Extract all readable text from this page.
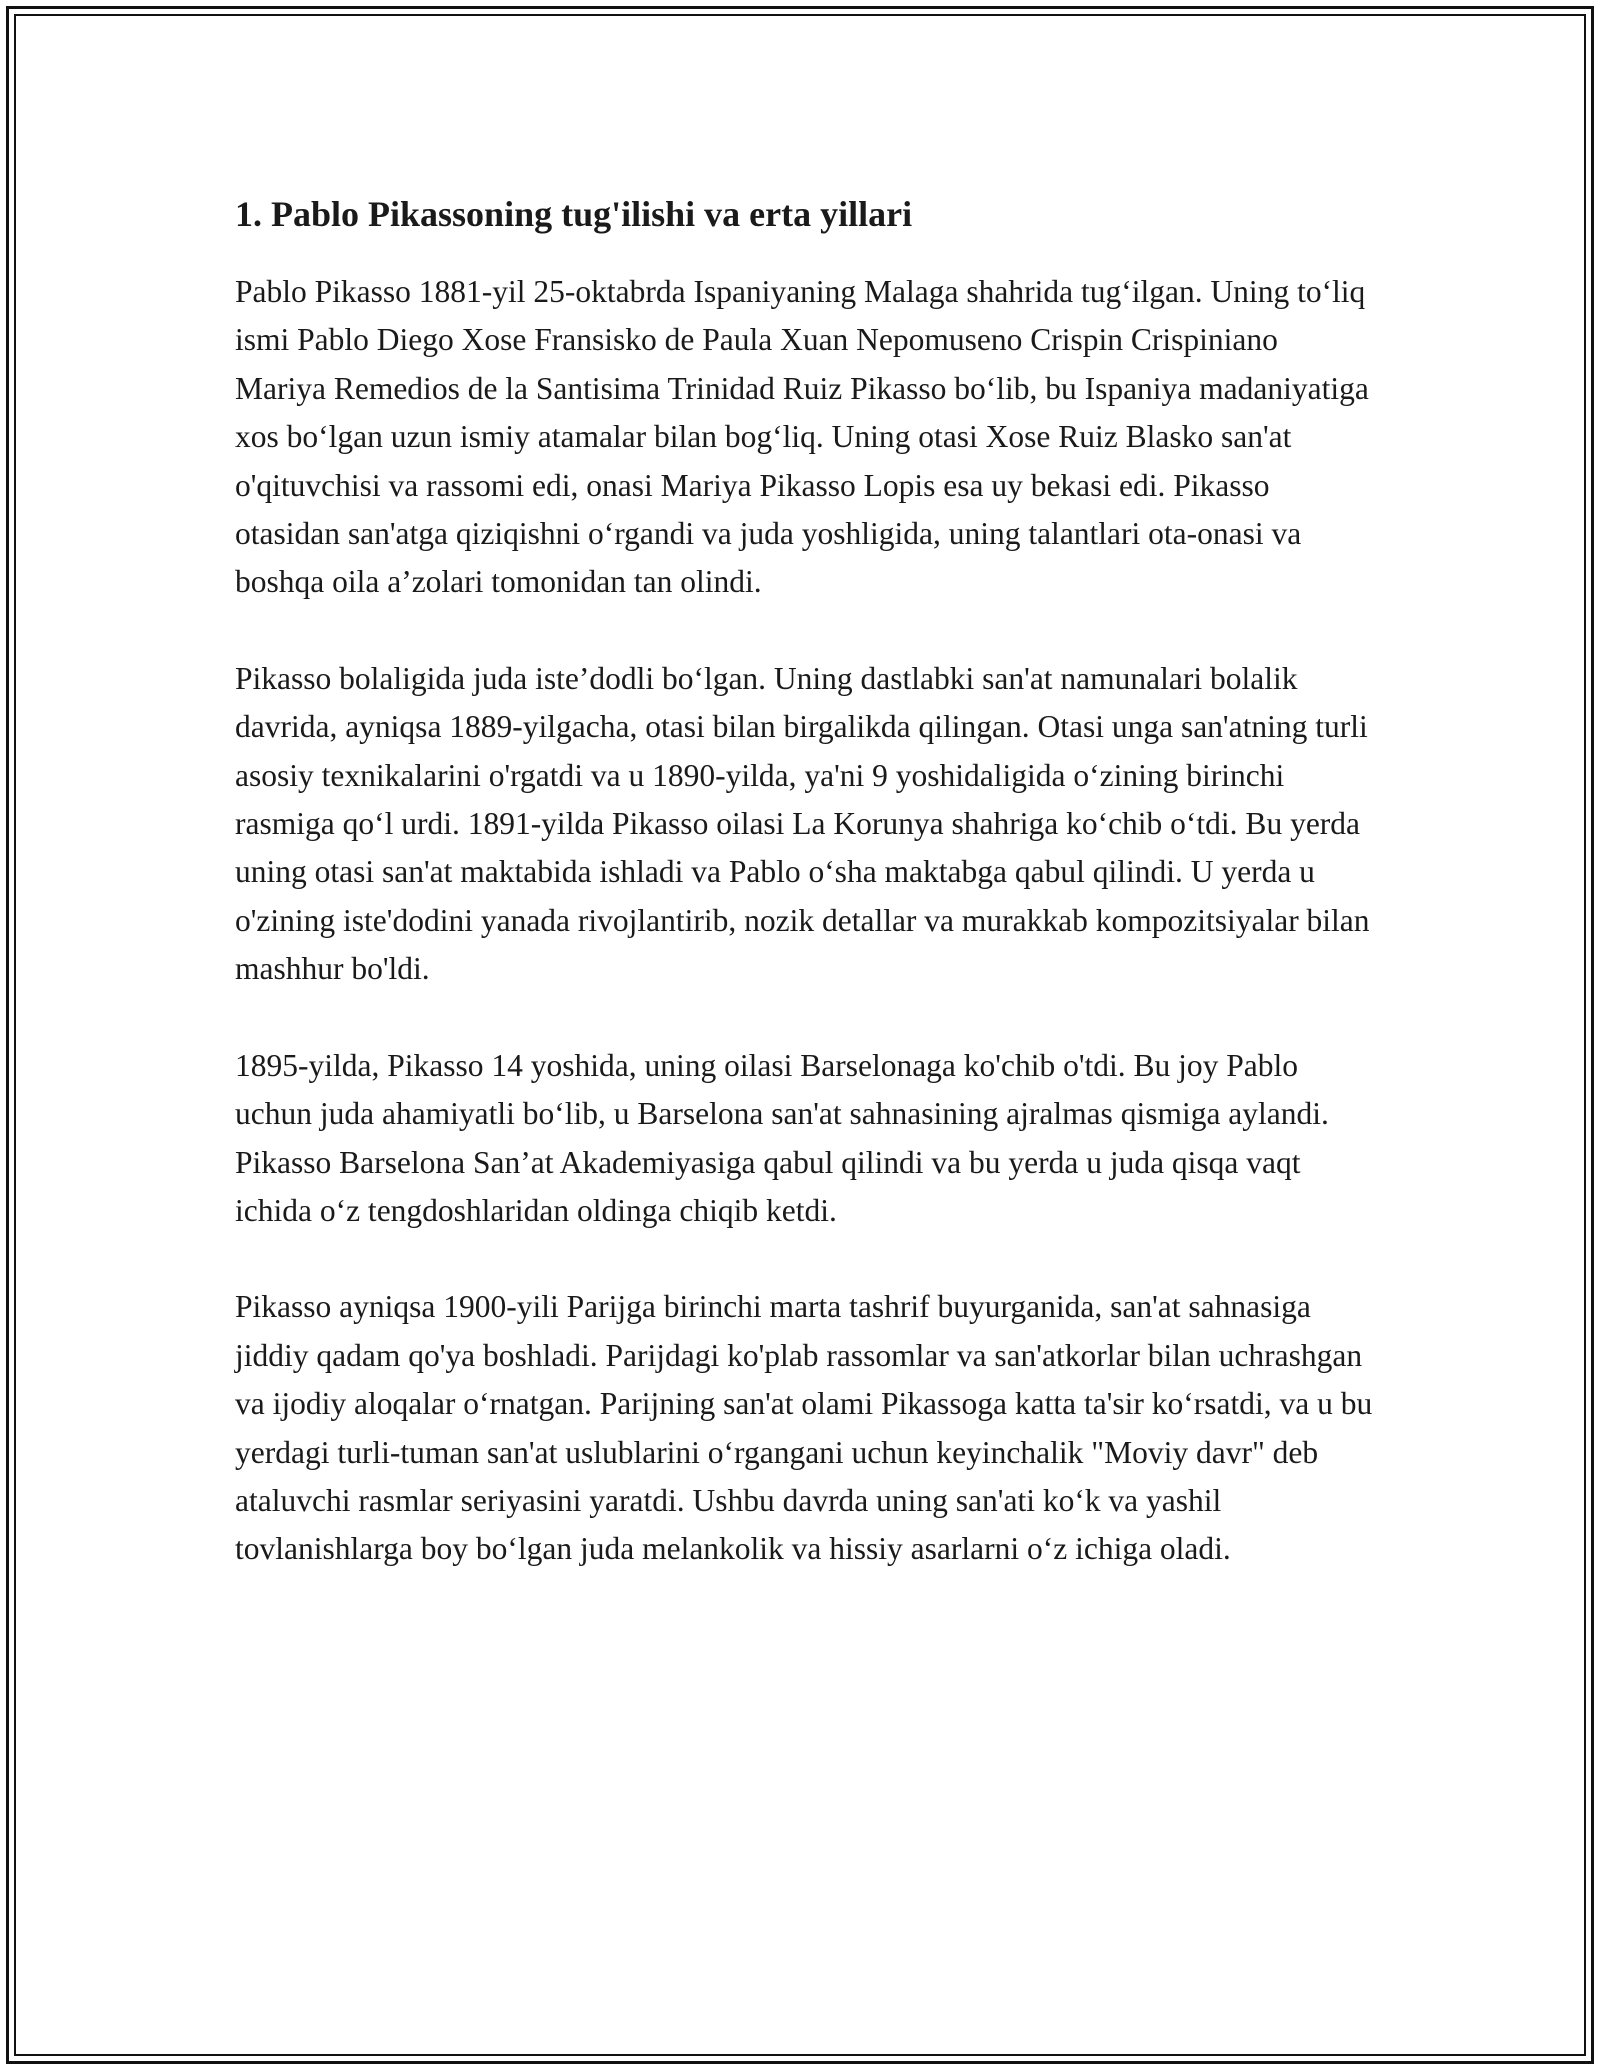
1. Pablo Pikassoning tug'ilishi va erta yillari

Pablo Pikasso 1881-yil 25-oktabrda Ispaniyaning Malaga shahrida tug‘ilgan. Uning to‘liq ismi Pablo Diego Xose Fransisko de Paula Xuan Nepomuseno Crispin Crispiniano Mariya Remedios de la Santisima Trinidad Ruiz Pikasso bo‘lib, bu Ispaniya madaniyatiga xos bo‘lgan uzun ismiy atamalar bilan bog‘liq. Uning otasi Xose Ruiz Blasko san'at o'qituvchisi va rassomi edi, onasi Mariya Pikasso Lopis esa uy bekasi edi. Pikasso otasidan san'atga qiziqishni o‘rgandi va juda yoshligida, uning talantlari ota-onasi va boshqa oila a’zolari tomonidan tan olindi.

Pikasso bolaligida juda iste’dodli bo‘lgan. Uning dastlabki san'at namunalari bolalik davrida, ayniqsa 1889-yilgacha, otasi bilan birgalikda qilingan. Otasi unga san'atning turli asosiy texnikalarini o'rgatdi va u 1890-yilda, ya'ni 9 yoshidaligida o‘zining birinchi rasmiga qo‘l urdi. 1891-yilda Pikasso oilasi La Korunya shahriga ko‘chib o‘tdi. Bu yerda uning otasi san'at maktabida ishladi va Pablo o‘sha maktabga qabul qilindi. U yerda u o'zining iste'dodini yanada rivojlantirib, nozik detallar va murakkab kompozitsiyalar bilan mashhur bo'ldi.

1895-yilda, Pikasso 14 yoshida, uning oilasi Barselonaga ko'chib o'tdi. Bu joy Pablo uchun juda ahamiyatli bo‘lib, u Barselona san'at sahnasining ajralmas qismiga aylandi. Pikasso Barselona San’at Akademiyasiga qabul qilindi va bu yerda u juda qisqa vaqt ichida o‘z tengdoshlaridan oldinga chiqib ketdi.

Pikasso ayniqsa 1900-yili Parijga birinchi marta tashrif buyurganida, san'at sahnasiga jiddiy qadam qo'ya boshladi. Parijdagi ko'plab rassomlar va san'atkorlar bilan uchrashgan va ijodiy aloqalar o‘rnatgan. Parijning san'at olami Pikassoga katta ta'sir ko‘rsatdi, va u bu yerdagi turli-tuman san'at uslublarini o‘rgangani uchun keyinchalik "Moviy davr" deb ataluvchi rasmlar seriyasini yaratdi. Ushbu davrda uning san'ati ko‘k va yashil tovlanishlarga boy bo‘lgan juda melankolik va hissiy asarlarni o‘z ichiga oladi.
